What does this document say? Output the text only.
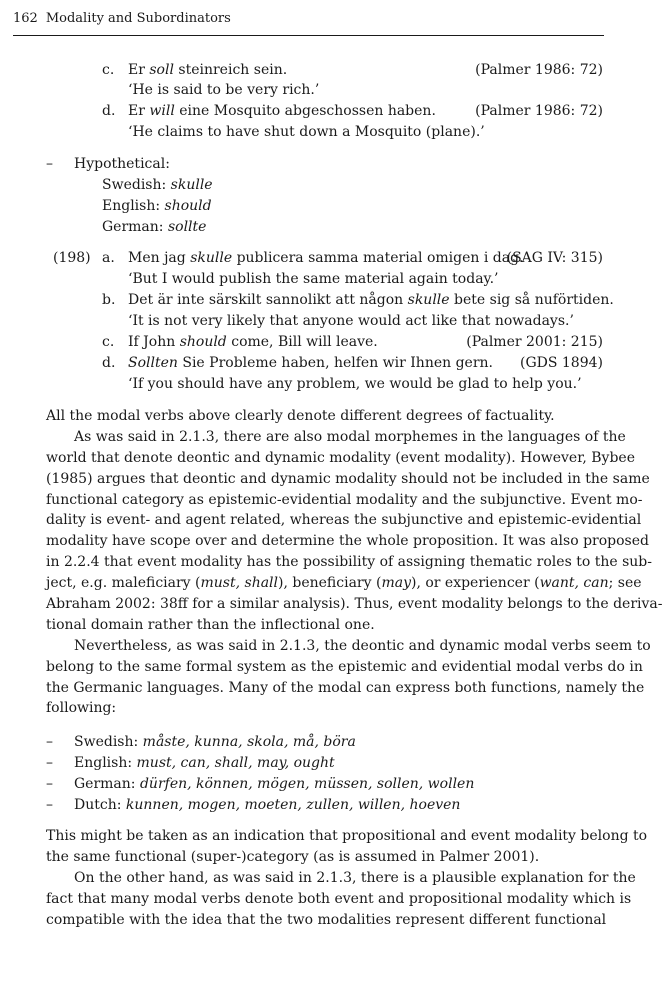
162 Modality and Subordinators
c. Er soll steinreich sein.	(Palmer 1986: 72)
‘He is said to be very rich.’
d. Er will eine Mosquito abgeschossen haben.	(Palmer 1986: 72)
‘He claims to have shut down a Mosquito (plane).’
– Hypothetical:
Swedish: skulle
English: should
German: sollte
(198) a. Men jag skulle publicera samma material omigen i dag.
(SAG IV: 315)
‘But I would publish the same material again today.’
b. Det är inte särskilt sannolikt att någon skulle bete sig så nuförtiden.
‘It is not very likely that anyone would act like that nowadays.’
c. If John should come, Bill will leave.	(Palmer 2001: 215)
d. Sollten Sie Probleme haben, helfen wir Ihnen gern. (GDS 1894)
‘If you should have any problem, we would be glad to help you.’
All the modal verbs above clearly denote different degrees of factuality.
As was said in 2.1.3, there are also modal morphemes in the languages of the
world that denote deontic and dynamic modality (event modality). However, Bybee
(1985) argues that deontic and dynamic modality should not be included in the same
functional category as epistemic-evidential modality and the subjunctive. Event mo-
dality is event- and agent related, whereas the subjunctive and epistemic-evidential
modality have scope over and determine the whole proposition. It was also proposed
in 2.2.4 that event modality has the possibility of assigning thematic roles to the sub-
ject, e.g. maleficiary (must, shall), beneficiary (may), or experiencer (want, can; see
Abraham 2002: 38ff for a similar analysis). Thus, event modality belongs to the deriva-
tional domain rather than the inflectional one.
Nevertheless, as was said in 2.1.3, the deontic and dynamic modal verbs seem to
belong to the same formal system as the epistemic and evidential modal verbs do in
the Germanic languages. Many of the modal can express both functions, namely the
following:
– Swedish: måste, kunna, skola, må, böra
– English: must, can, shall, may, ought
– German: dürfen, können, mögen, müssen, sollen, wollen
– Dutch: kunnen, mogen, moeten, zullen, willen, hoeven
This might be taken as an indication that propositional and event modality belong to
the same functional (super-)category (as is assumed in Palmer 2001).
On the other hand, as was said in 2.1.3, there is a plausible explanation for the
fact that many modal verbs denote both event and propositional modality which is
compatible with the idea that the two modalities represent different functional
